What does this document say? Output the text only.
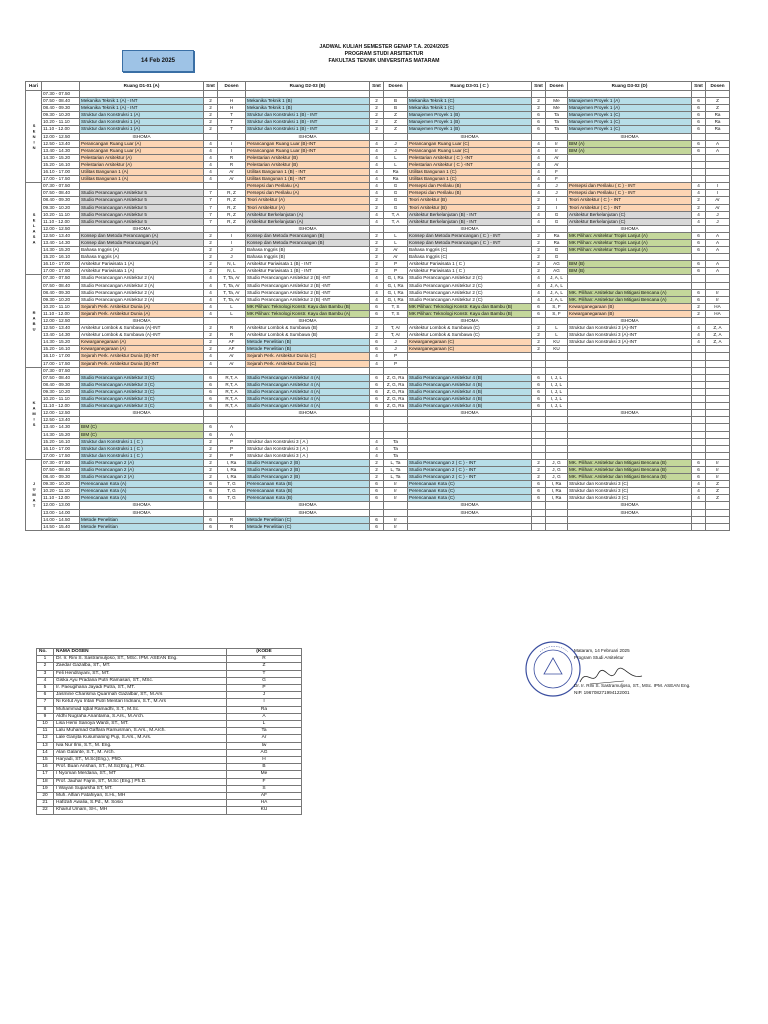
JADWAL KULIAH SEMESTER GENAP T.A. 2024/2025
PROGRAM STUDI ARSITEKTUR
FAKULTAS TEKNIK UNIVERSITAS MATARAM
14 Feb 2025
Hari		Ruang D1-01 (A)	Smt	Dosen	Ruang D2-03 (B)	Smt	Dosen	Ruang D3-01 ( C )	Smt	Dosen	Ruang D3-02 (D)	Smt	Dosen
SENIN	07.30 - 07.50												
	07.50 - 08.40	Mekanika Teknik 1 (A) - INT	2	H	Mekanika Teknik 1 (B)	2	B	Mekanika Teknik 1 (C)	2	Me	Manajemen Proyek 1 (A)	6	Z
	08.40 - 09.30	Mekanika Teknik 1 (A) - INT	2	H	Mekanika Teknik 1 (B)	2	B	Mekanika Teknik 1 (C)	2	Me	Manajemen Proyek 1 (A)	6	Z
	09.30 - 10.20	Struktur dan Konstruksi 1 (A)	2	T	Struktur dan Konstruksi 1 (B) - INT	2	Z	Manajemen Proyek 1 (B)	6	Ta	Manajemen Proyek 1 (C)	6	Ra
	10.20 - 11.10	Struktur dan Konstruksi 1 (A)	2	T	Struktur dan Konstruksi 1 (B) - INT	2	Z	Manajemen Proyek 1 (B)	6	Ta	Manajemen Proyek 1 (C)	6	Ra
	11.10 - 12.00	Struktur dan Konstruksi 1 (A)	2	T	Struktur dan Konstruksi 1 (B) - INT	2	Z	Manajemen Proyek 1 (B)	6	Ta	Manajemen Proyek 1 (C)	6	Ra
	12.00 - 12.50	ISHOMA			ISHOMA			ISHOMA			ISHOMA		
	12.50 - 13.40	Perancangan Ruang Luar (A)	4	I	Perancangan Ruang Luar (B)-INT	4	J	Perancangan Ruang Luar (C)	4	Ir	BIM (A)	6	A
	13.40 - 14.30	Perancangan Ruang Luar (A)	4	I	Perancangan Ruang Luar (B)-INT	4	J	Perancangan Ruang Luar (C)	4	Ir	BIM (A)	6	A
	14.30 - 15.20	Pelestarian Arsitektur (A)	4	R	Pelestarian Arsitektur (B)	4	L	Pelestarian Arsitektur ( C ) -INT	4	Ar			
	15.20 - 16.10	Pelestarian Arsitektur (A)	4	R	Pelestarian Arsitektur (B)	4	L	Pelestarian Arsitektur ( C ) -INT	4	Ar			
	16.10 - 17.00	Utilitas Bangunan 1 (A)	4	Ar	Utilitas Bangunan 1 (B) - INT	4	Ra	Utilitas Bangunan 1 (C)	4	F			
	17.00 - 17.50	Utilitas Bangunan 1 (A)	4	Ar	Utilitas Bangunan 1 (B) - INT	4	Ra	Utilitas Bangunan 1 (C)	4	F			
SELASA	07.30 - 07.50				Persepsi dan Perilaku (A)	4	G	Persepsi dan Perilaku (B)	4	J	Persepsi dan Perilaku ( C ) - INT	4	I
	07.50 - 08.40	Studio Perancangan Arsitektur 5	7	R, Z	Persepsi dan Perilaku (A)	4	G	Persepsi dan Perilaku (B)	4	J	Persepsi dan Perilaku ( C ) - INT	4	I
	08.40 - 09.30	Studio Perancangan Arsitektur 5	7	R, Z	Teori Arsitektur (A)	2	G	Teori Arsitektur (B)	2	I	Teori Arsitektur ( C ) - INT	2	Ar
	09.30 - 10.20	Studio Perancangan Arsitektur 5	7	R, Z	Teori Arsitektur (A)	2	G	Teori Arsitektur (B)	2	I	Teori Arsitektur ( C ) - INT	2	Ar
	10.20 - 11.10	Studio Perancangan Arsitektur 5	7	R, Z	Arsitektur Berkelanjutan (A)	4	T, A	Arsitektur Berkelanjutan (B) - INT	4	G	Arsitektur Berkelanjutan (C)	4	J
	11.10 - 12.00	Studio Perancangan Arsitektur 5	7	R, Z	Arsitektur Berkelanjutan (A)	4	T, A	Arsitektur Berkelanjutan (B) - INT	4	G	Arsitektur Berkelanjutan (C)	4	J
	12.00 - 12.50	ISHOMA			ISHOMA			ISHOMA			ISHOMA		
	12.50 - 13.40	Konsep dan Metoda Perancangan (A)	2	I	Konsep dan Metoda Perancangan (B)	2	L	Konsep dan Metoda Perancangan ( C ) - INT	2	Ra	MK Pilihan: Arsitektur Tropis Lanjut (A)	6	A
	13.40 - 14.30	Konsep dan Metoda Perancangan (A)	2	I	Konsep dan Metoda Perancangan (B)	2	L	Konsep dan Metoda Perancangan ( C ) - INT	2	Ra	MK Pilihan: Arsitektur Tropis Lanjut (A)	6	A
	14.30 - 15.20	Bahasa Inggris (A)	2	J	Bahasa Inggris (B)	2	Ar	Bahasa Inggris (C)	2	G	MK Pilihan: Arsitektur Tropis Lanjut (A)	6	A
	15.20 - 16.10	Bahasa Inggris (A)	2	J	Bahasa Inggris (B)	2	Ar	Bahasa Inggris (C)	2	G			
	16.10 - 17.00	Arsitektur Pariwisata 1 (A)	2	N, L	Arsitektur Pariwisata 1 (B) - INT	2	P	Arsitektur Pariwisata 1 ( C )	2	AG	BIM (B)	6	A
	17.00 - 17.50	Arsitektur Pariwisata 1 (A)	2	N, L	Arsitektur Pariwisata 1 (B) - INT	2	P	Arsitektur Pariwisata 1 ( C )	2	AG	BIM (B)	6	A
RABU	07.30 - 07.50	Studio Perancangan Arsitektur 2 (A)	4	T, Ta, Ar	Studio Perancangan Arsitektur 2 (B) -INT	4	G, I, Ra	Studio Perancangan Arsitektur 2 (C)	4	J, A, L			
	07.50 - 08.40	Studio Perancangan Arsitektur 2 (A)	4	T, Ta, Ar	Studio Perancangan Arsitektur 2 (B) -INT	4	G, I, Ra	Studio Perancangan Arsitektur 2 (C)	4	J, A, L			
	08.40 - 09.30	Studio Perancangan Arsitektur 2 (A)	4	T, Ta, Ar	Studio Perancangan Arsitektur 2 (B) -INT	4	G, I, Ra	Studio Perancangan Arsitektur 2 (C)	4	J, A, L	MK. Pilihan: Arsitektur dan Mitigasi Bencana (A)	6	Ir
	09.30 - 10.20	Studio Perancangan Arsitektur 2 (A)	4	T, Ta, Ar	Studio Perancangan Arsitektur 2 (B) -INT	4	G, I, Ra	Studio Perancangan Arsitektur 2 (C)	4	J, A, L	MK. Pilihan: Arsitektur dan Mitigasi Bencana (A)	6	Ir
	10.20 - 11.10	Sejarah Perk. Arsitektur Dunia (A)	4	L	MK Pilihan: Teknologi Konstr. Kayu dan Bambu (B)	6	T, S	MK Pilihan: Teknologi Konstr. Kayu dan Bambu (B)	6	S, F	Kewarganegaraan (B)	2	HA
	11.10 - 12.00	Sejarah Perk. Arsitektur Dunia (A)	4	L	MK Pilihan: Teknologi Konstr. Kayu dan Bambu (A)	6	T, S	MK Pilihan: Teknologi Konstr. Kayu dan Bambu (B)	6	S, F	Kewarganegaraan (B)	2	HA
	12.00 - 12.50	ISHOMA			ISHOMA			ISHOMA			ISHOMA		
	12.50 - 13.40	Arsitektur Lombok & Sumbawa (A)-INT	2	R	Arsitektur Lombok & Sumbawa (B)	2	T, Ar	Arsitektur Lombok & Sumbawa (C)	2	L	Struktur dan Konstruksi 3 (A)-INT	4	Z, A
	13.40 - 14.30	Arsitektur Lombok & Sumbawa (A)-INT	2	R	Arsitektur Lombok & Sumbawa (B)	2	T, Ar	Arsitektur Lombok & Sumbawa (C)	2	L	Struktur dan Konstruksi 3 (A)-INT	4	Z, A
	14.30 - 15.20	Kewarganegaraan (A)	2	AF	Metode Penelitian (B)	6	J	Kewarganegaraan (C)	2	KU	Struktur dan Konstruksi 3 (A)-INT	4	Z, A
	15.20 - 16.10	Kewarganegaraan (A)	2	AF	Metode Penelitian (B)	6	J	Kewarganegaraan (C)	2	KU			
	16.10 - 17.00	Sejarah Perk. Arsitektur Dunia (B)-INT	4	Ar	Sejarah Perk. Arsitektur Dunia (C)	4	P						
	17.00 - 17.50	Sejarah Perk. Arsitektur Dunia (B)-INT	4	Ar	Sejarah Perk. Arsitektur Dunia (C)	4	P						
KAMIS	07.30 - 07.50												
	07.50 - 08.40	Studio Perancangan Arsitektur 3 (C)	6	R,T, A	Studio Perancangan Arsitektur 4 (A)	6	Z, G, Ra	Studio Perancangan Arsitektur 4 (B)	6	I, J, L			
	08.40 - 09.30	Studio Perancangan Arsitektur 3 (C)	6	R,T, A	Studio Perancangan Arsitektur 4 (A)	6	Z, G, Ra	Studio Perancangan Arsitektur 4 (B)	6	I, J, L			
	09.30 - 10.20	Studio Perancangan Arsitektur 3 (C)	6	R,T, A	Studio Perancangan Arsitektur 4 (A)	6	Z, G, Ra	Studio Perancangan Arsitektur 4 (B)	6	I, J, L			
	10.20 - 11.10	Studio Perancangan Arsitektur 3 (C)	6	R,T, A	Studio Perancangan Arsitektur 4 (A)	6	Z, G, Ra	Studio Perancangan Arsitektur 4 (B)	6	I, J, L			
	11.10 - 12.00	Studio Perancangan Arsitektur 3 (C)	6	R,T, A	Studio Perancangan Arsitektur 4 (A)	6	Z, G, Ra	Studio Perancangan Arsitektur 4 (B)	6	I, J, L			
	12.00 - 12.50	ISHOMA			ISHOMA			ISHOMA			ISHOMA		
	12.50 - 13.40												
	13.40 - 14.30	BIM (C)	6	A									
	14.30 - 15.20	BIM (C)	6	A									
	15.20 - 16.10	Struktur dan Konstruksi 1 ( C )	2	P	Struktur dan Konstruksi 3 ( A )	4	Ta						
	16.10 - 17.00	Struktur dan Konstruksi 1 ( C )	2	P	Struktur dan Konstruksi 3 ( A )	4	Ta						
	17.00 - 17.50	Struktur dan Konstruksi 1 ( C )	2	P	Struktur dan Konstruksi 3 ( A )	4	Ta						
JUMAT	07.30 - 07.50	Studio Perancangan 2 (A)	2	I, Ra	Studio Perancangan 2 (B)	2	L, Ta	Studio Perancangan 2 ( C ) - INT	2	J, G	MK. Pilihan: Arsitektur dan Mitigasi Bencana (B)	6	Ir
	07.50 - 08.40	Studio Perancangan 2 (A)	2	I, Ra	Studio Perancangan 2 (B)	2	L, Ta	Studio Perancangan 2 ( C ) - INT	2	J, G	MK. Pilihan: Arsitektur dan Mitigasi Bencana (B)	6	Ir
	08.40 - 09.30	Studio Perancangan 2 (A)	2	I, Ra	Studio Perancangan 2 (B)	2	L, Ta	Studio Perancangan 2 ( C ) - INT	2	J, G	MK. Pilihan: Arsitektur dan Mitigasi Bencana (B)	6	Ir
	09.30 - 10.20	Perencanaan Kota (A)	6	T, G	Perencanaan Kota (B)	6	Ir	Perencanaan Kota (C)	6	I, Ra	Struktur dan Konstruksi 3 (C)	4	Z
	10.20 - 11.10	Perencanaan Kota (A)	6	T, G	Perencanaan Kota (B)	6	Ir	Perencanaan Kota (C)	6	I, Ra	Struktur dan Konstruksi 3 (C)	4	Z
	11.10 - 12.00	Perencanaan Kota (A)	6	T, G	Perencanaan Kota (B)	6	Ir	Perencanaan Kota (C)	6	I, Ra	Struktur dan Konstruksi 3 (C)	4	Z
	12.00 - 13.00	ISHOMA			ISHOMA			ISHOMA			ISHOMA		
	13.00 - 14.00	ISHOMA			ISHOMA			ISHOMA			ISHOMA		
	14.00 - 14.50	Metode Penelitian	6	R	Metode Penelitian (C)	6	Ir						
	14.50 - 15.40	Metode Penelitian	6	R	Metode Penelitian (C)	6	Ir						
No.	NAMA DOSEN	(KODE
1	Dr. Ir. Rini S. Sastramuljoso, ST., MSc. IPM. ASEAN Eng.	R
2	Zaedar Gazalba, ST., MT.	Z
3	Feli Hendrayani, ST., MT.	T
4	Giska Ayu Pradana Putri Ramasari, ST., MSc.	G
5	Ir. Paeugihana Jayadi Putra, ST., MT.	P
6	Jasmine Charisma Quarmah Gazalbar, ST., M.Ars	J
7	Ni Ketut Ayu Intan Putri Mentari Indriani, S.T., M.Ars	I
8	Muhammad Iqbal Ramadhi, S.T., M.Sc.	Ra
9	Aldhi Nugraha Anantama, S.Ars., M.Arch.	A
10	Lisa Hemi Sanoya Wardi, ST., MT.	L
11	Lalu Muhamad Gaffara Ramusman, S.Ars., M.Arch.	Ta
12	Lale Ganjita Kusumaning Puji, S.Ars., M.Ars.	Ar
13	Iwa Nur Ilmi, S.T., M. Eng.	Iw
14	Alan Galante, S.T., M. Arch.	AG
15	Haryadi, ST., M.Sc(Eng.), PhD.	H
16	Prof. Buan Anshari, ST., M.Sc(Eng.), PhD.	B
17	I Nyoman Merdana, ST., MT	Me
18	Prof. Jauhar Fajrin, ST., M.Sc (Eng.) Ph.D.	F
19	I Wayan Suparsha ST, MT.	S
20	Muh. Alfian Fatahiyan, S.Hi., MH	AF
21	Hafizah Awalia, S.Pd., M. Sosio	HA
22	Khairul Umam, SH., MH	KU
Mataram, 14 Februari 2025
Program Studi Arsitektur
Dr. Ir. Rini S. Sastramuljoso, ST., MSc. IPM. ASEAN Eng.
NIP. 196708271994122001
